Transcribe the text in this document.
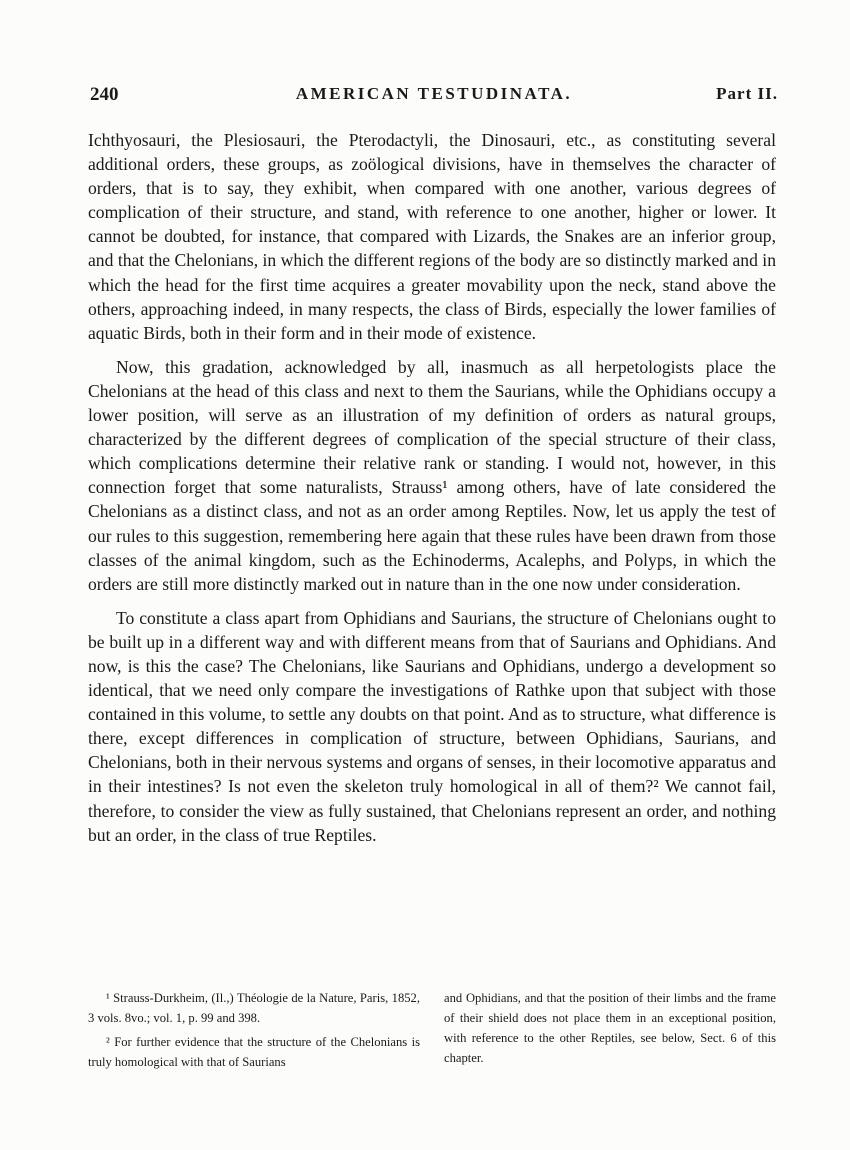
240	AMERICAN TESTUDINATA.	Part II.

Ichthyosauri, the Plesiosauri, the Pterodactyli, the Dinosauri, etc., as constituting several additional orders, these groups, as zoölogical divisions, have in themselves the character of orders, that is to say, they exhibit, when compared with one another, various degrees of complication of their structure, and stand, with reference to one another, higher or lower. It cannot be doubted, for instance, that compared with Lizards, the Snakes are an inferior group, and that the Chelonians, in which the different regions of the body are so distinctly marked and in which the head for the first time acquires a greater movability upon the neck, stand above the others, approaching indeed, in many respects, the class of Birds, especially the lower families of aquatic Birds, both in their form and in their mode of existence.

Now, this gradation, acknowledged by all, inasmuch as all herpetologists place the Chelonians at the head of this class and next to them the Saurians, while the Ophidians occupy a lower position, will serve as an illustration of my definition of orders as natural groups, characterized by the different degrees of complication of the special structure of their class, which complications determine their relative rank or standing. I would not, however, in this connection forget that some naturalists, Strauss¹ among others, have of late considered the Chelonians as a distinct class, and not as an order among Reptiles. Now, let us apply the test of our rules to this suggestion, remembering here again that these rules have been drawn from those classes of the animal kingdom, such as the Echinoderms, Acalephs, and Polyps, in which the orders are still more distinctly marked out in nature than in the one now under consideration.

To constitute a class apart from Ophidians and Saurians, the structure of Chelonians ought to be built up in a different way and with different means from that of Saurians and Ophidians. And now, is this the case? The Chelonians, like Saurians and Ophidians, undergo a development so identical, that we need only compare the investigations of Rathke upon that subject with those contained in this volume, to settle any doubts on that point. And as to structure, what difference is there, except differences in complication of structure, between Ophidians, Saurians, and Chelonians, both in their nervous systems and organs of senses, in their locomotive apparatus and in their intestines? Is not even the skeleton truly homological in all of them?² We cannot fail, therefore, to consider the view as fully sustained, that Chelonians represent an order, and nothing but an order, in the class of true Reptiles.

¹ Strauss-Durkheim, (Il.,) Théologie de la Nature, Paris, 1852, 3 vols. 8vo.; vol. 1, p. 99 and 398.

² For further evidence that the structure of the Chelonians is truly homological with that of Saurians

and Ophidians, and that the position of their limbs and the frame of their shield does not place them in an exceptional position, with reference to the other Reptiles, see below, Sect. 6 of this chapter.
